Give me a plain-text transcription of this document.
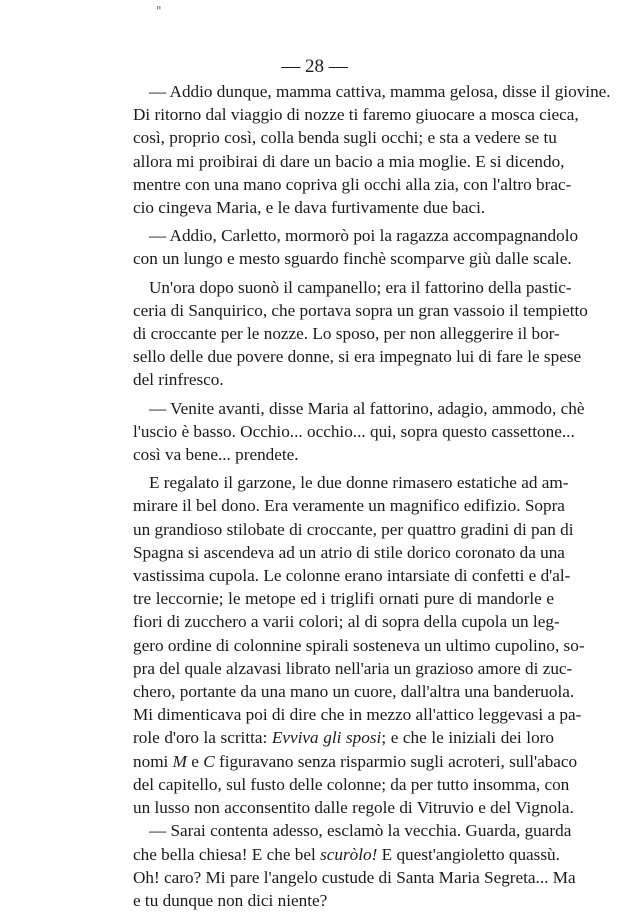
"
— 28 —
— Addio dunque, mamma cattiva, mamma gelosa, disse il giovine.
Di ritorno dal viaggio di nozze ti faremo giuocare a mosca cieca,
così, proprio così, colla benda sugli occhi; e sta a vedere se tu
allora mi proibirai di dare un bacio a mia moglie. E si dicendo,
mentre con una mano copriva gli occhi alla zia, con l'altro brac-
cio cingeva Maria, e le dava furtivamente due baci.
— Addio, Carletto, mormorò poi la ragazza accompagnandolo
con un lungo e mesto sguardo finchè scomparve giù dalle scale.
Un'ora dopo suonò il campanello; era il fattorino della pastic-
ceria di Sanquirico, che portava sopra un gran vassoio il tempietto
di croccante per le nozze. Lo sposo, per non alleggerire il bor-
sello delle due povere donne, si era impegnato lui di fare le spese
del rinfresco.
— Venite avanti, disse Maria al fattorino, adagio, ammodo, chè
l'uscio è basso. Occhio... occhio... qui, sopra questo cassettone...
così va bene... prendete.
E regalato il garzone, le due donne rimasero estatiche ad am-
mirare il bel dono. Era veramente un magnifico edifizio. Sopra
un grandioso stilobate di croccante, per quattro gradini di pan di
Spagna si ascendeva ad un atrio di stile dorico coronato da una
vastissima cupola. Le colonne erano intarsiate di confetti e d'al-
tre leccornie; le metope ed i triglifi ornati pure di mandorle e
fiori di zucchero a varii colori; al di sopra della cupola un leg-
gero ordine di colonnine spirali sosteneva un ultimo cupolino, so-
pra del quale alzavasi librato nell'aria un grazioso amore di zuc-
chero, portante da una mano un cuore, dall'altra una banderuola.
Mi dimenticava poi di dire che in mezzo all'attico leggevasi a pa-
role d'oro la scritta: Evviva gli sposi; e che le iniziali dei loro
nomi M e C figuravano senza risparmio sugli acroteri, sull'abaco
del capitello, sul fusto delle colonne; da per tutto insomma, con
un lusso non acconsentito dalle regole di Vitruvio e del Vignola.
— Sarai contenta adesso, esclamò la vecchia. Guarda, guarda
che bella chiesa! E che bel scuròlo! E quest'angioletto quassù.
Oh! caro? Mi pare l'angelo custude di Santa Maria Segreta... Ma
e tu dunque non dici niente?
